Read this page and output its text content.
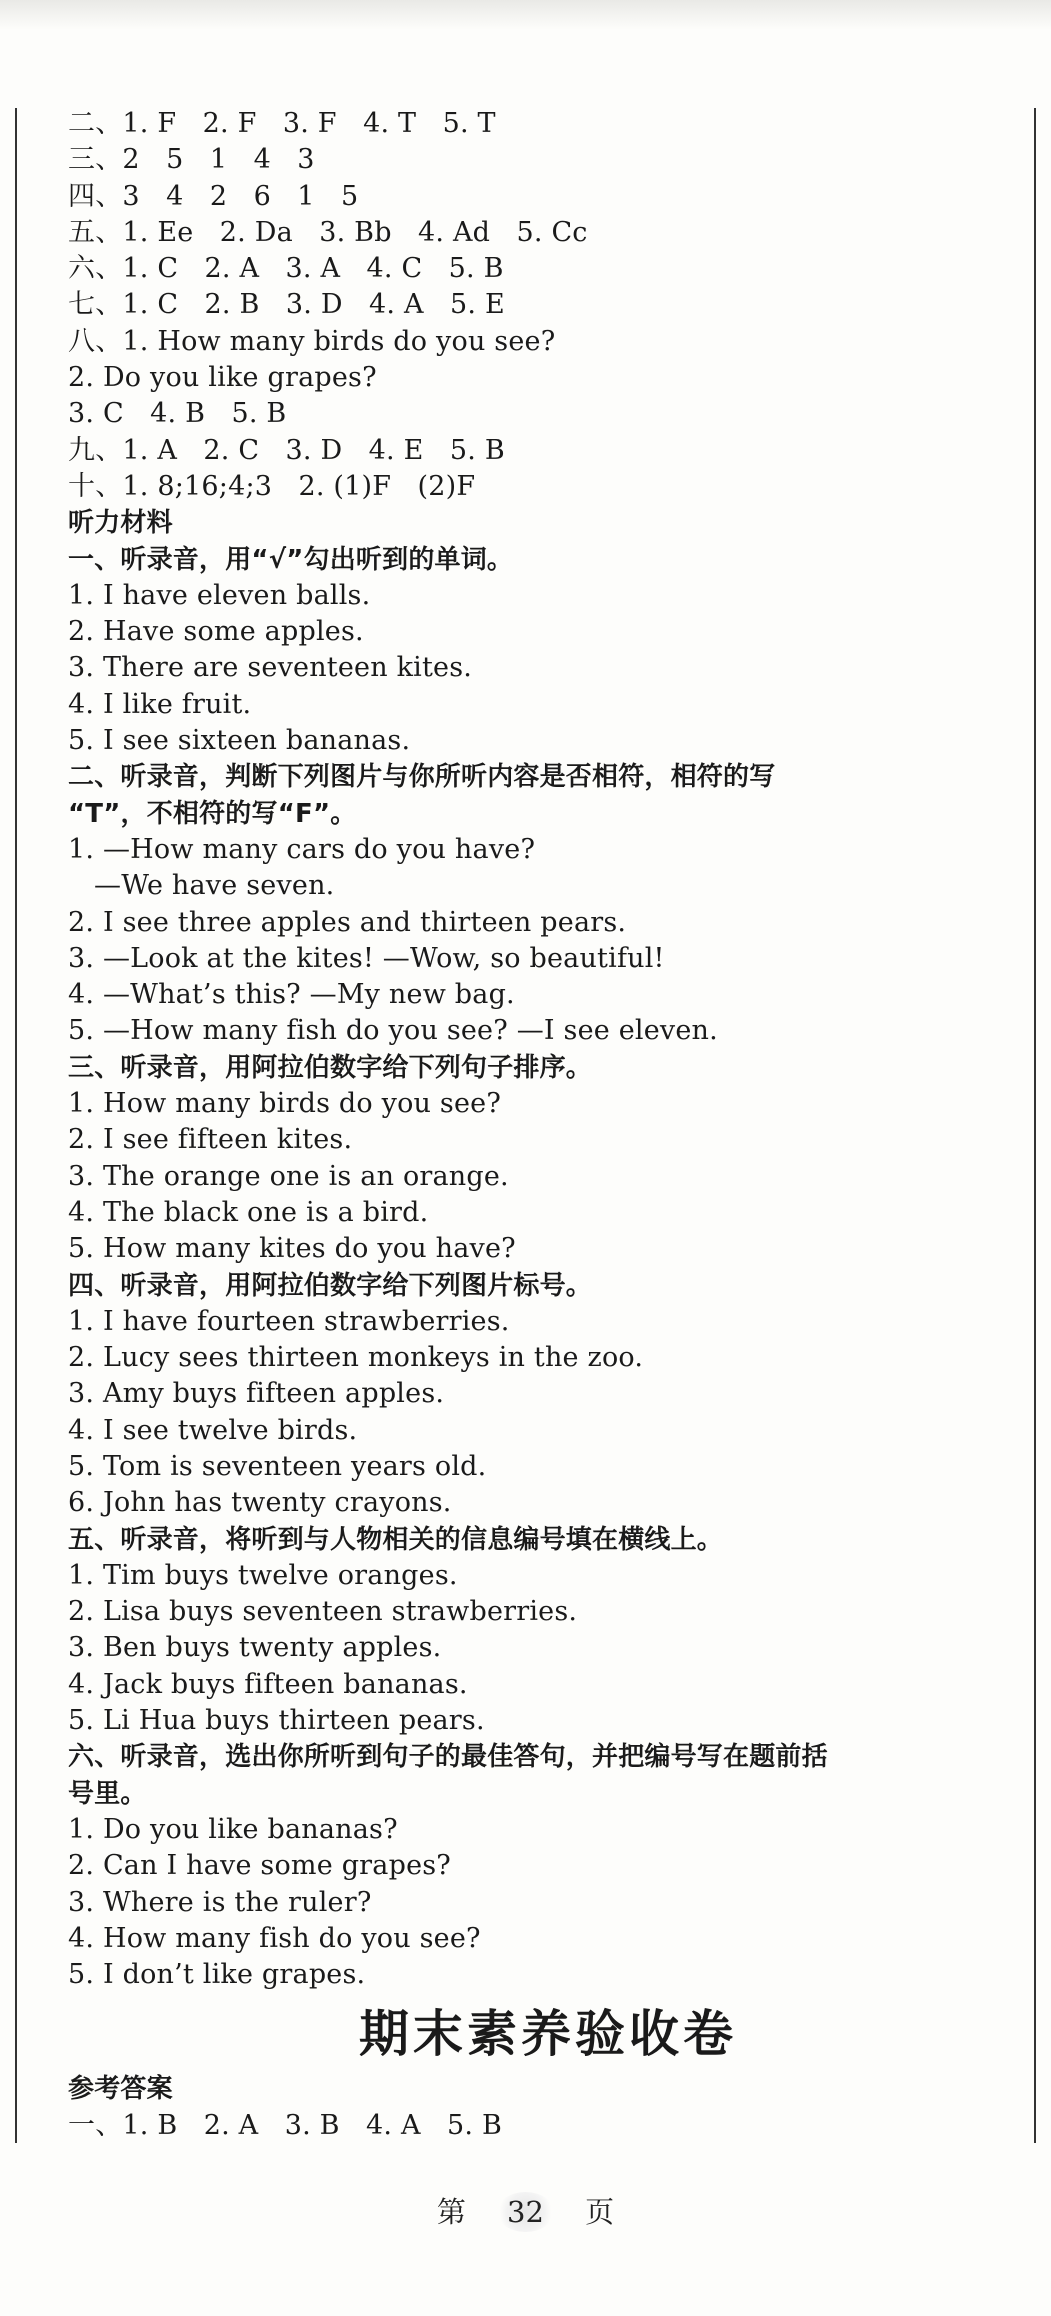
二、1. F   2. F   3. F   4. T   5. T
三、2   5   1   4   3
四、3   4   2   6   1   5
五、1. Ee   2. Da   3. Bb   4. Ad   5. Cc
六、1. C   2. A   3. A   4. C   5. B
七、1. C   2. B   3. D   4. A   5. E
八、1. How many birds do you see?
2. Do you like grapes?
3. C   4. B   5. B
九、1. A   2. C   3. D   4. E   5. B
十、1. 8;16;4;3   2. (1)F   (2)F
听力材料
一、听录音，用“√”勾出听到的单词。
1. I have eleven balls.
2. Have some apples.
3. There are seventeen kites.
4. I like fruit.
5. I see sixteen bananas.
二、听录音，判断下列图片与你所听内容是否相符，相符的写
“T”，不相符的写“F”。
1. —How many cars do you have?
—We have seven.
2. I see three apples and thirteen pears.
3. —Look at the kites! —Wow, so beautiful!
4. —What’s this? —My new bag.
5. —How many fish do you see? —I see eleven.
三、听录音，用阿拉伯数字给下列句子排序。
1. How many birds do you see?
2. I see fifteen kites.
3. The orange one is an orange.
4. The black one is a bird.
5. How many kites do you have?
四、听录音，用阿拉伯数字给下列图片标号。
1. I have fourteen strawberries.
2. Lucy sees thirteen monkeys in the zoo.
3. Amy buys fifteen apples.
4. I see twelve birds.
5. Tom is seventeen years old.
6. John has twenty crayons.
五、听录音，将听到与人物相关的信息编号填在横线上。
1. Tim buys twelve oranges.
2. Lisa buys seventeen strawberries.
3. Ben buys twenty apples.
4. Jack buys fifteen bananas.
5. Li Hua buys thirteen pears.
六、听录音，选出你所听到句子的最佳答句，并把编号写在题前括
号里。
1. Do you like bananas?
2. Can I have some grapes?
3. Where is the ruler?
4. How many fish do you see?
5. I don’t like grapes.
期末素养验收卷
参考答案
一、1. B   2. A   3. B   4. A   5. B
第 32 页
